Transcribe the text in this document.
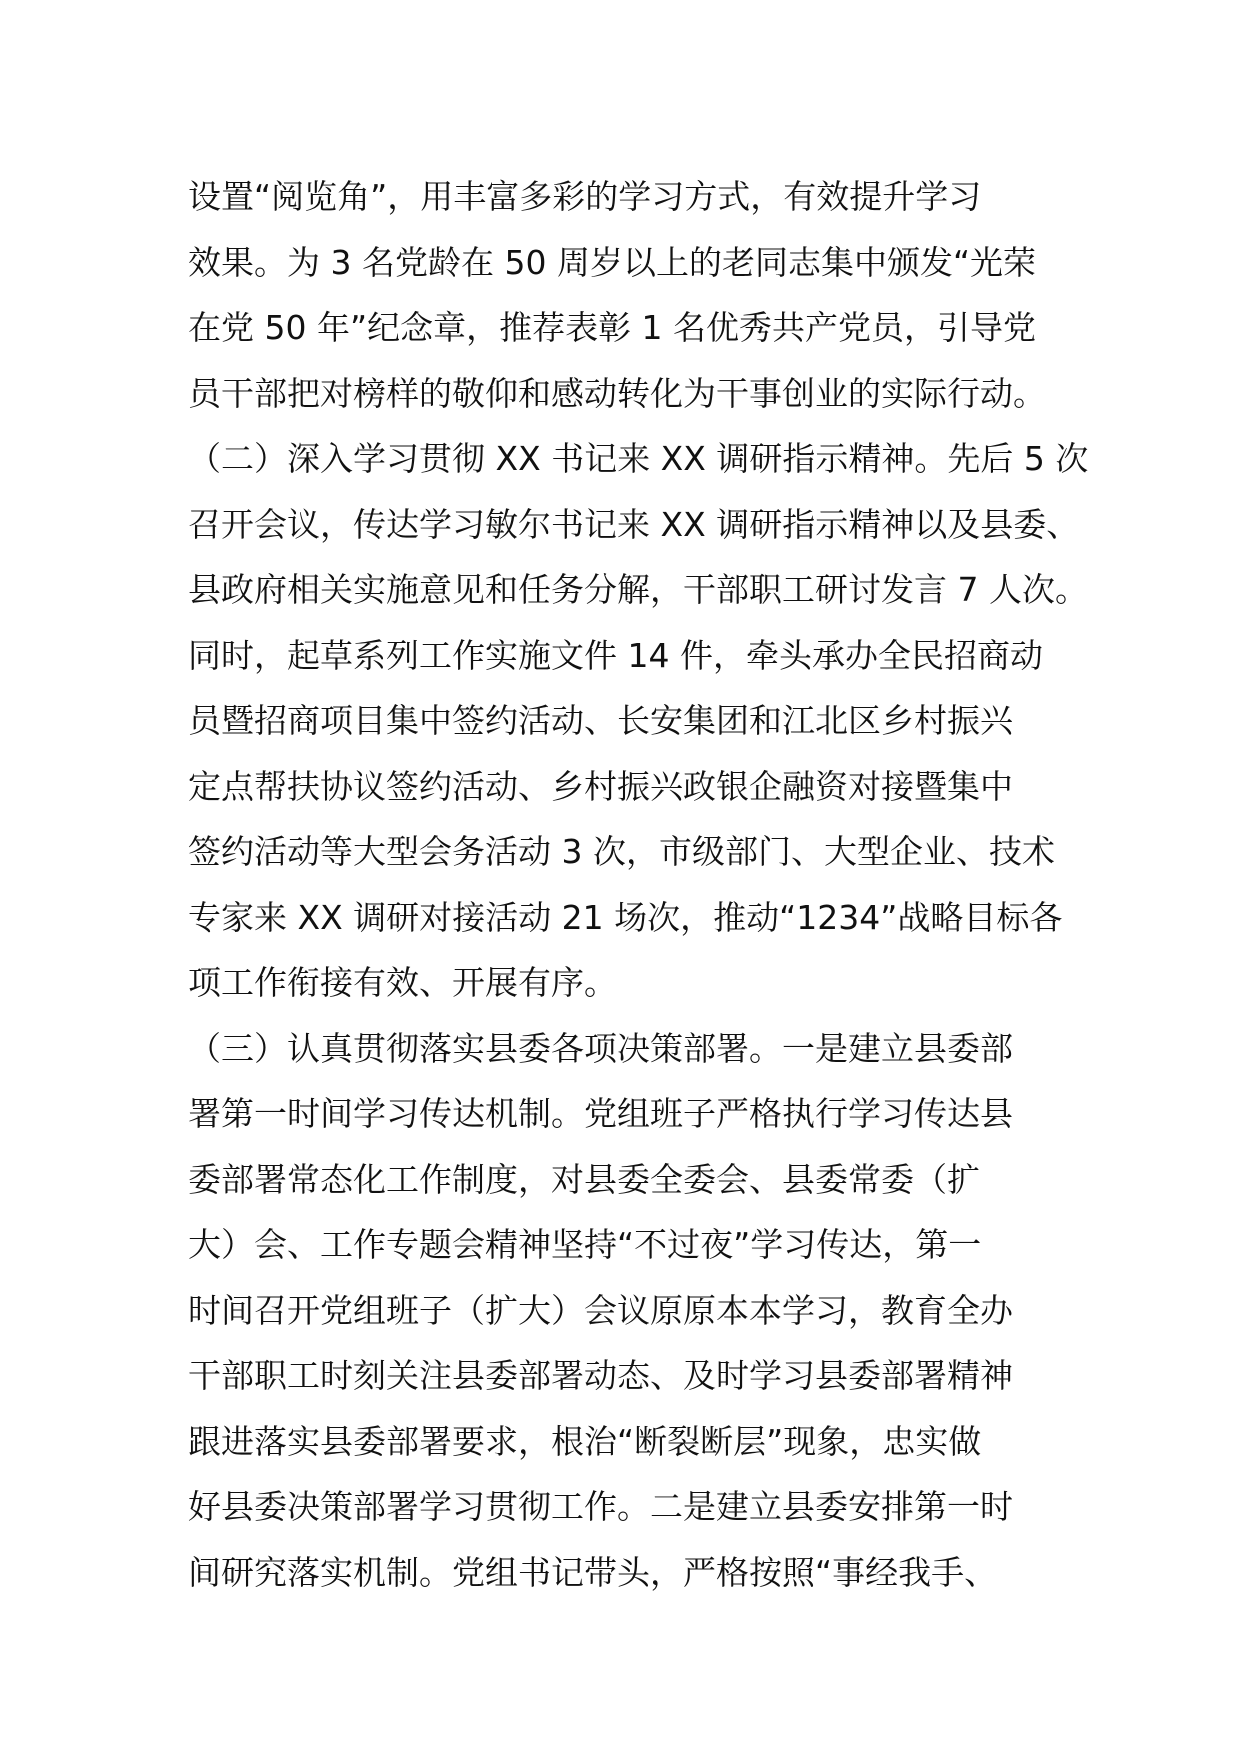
设置“阅览角”，用丰富多彩的学习方式，有效提升学习
效果。为 3 名党龄在 50 周岁以上的老同志集中颁发“光荣
在党 50 年”纪念章，推荐表彰 1 名优秀共产党员，引导党
员干部把对榜样的敬仰和感动转化为干事创业的实际行动。
（二）深入学习贯彻 XX 书记来 XX 调研指示精神。先后 5 次
召开会议，传达学习敏尔书记来 XX 调研指示精神以及县委、
县政府相关实施意见和任务分解，干部职工研讨发言 7 人次。
同时，起草系列工作实施文件 14 件，牵头承办全民招商动
员暨招商项目集中签约活动、长安集团和江北区乡村振兴
定点帮扶协议签约活动、乡村振兴政银企融资对接暨集中
签约活动等大型会务活动 3 次，市级部门、大型企业、技术
专家来 XX 调研对接活动 21 场次，推动“1234”战略目标各
项工作衔接有效、开展有序。
（三）认真贯彻落实县委各项决策部署。一是建立县委部
署第一时间学习传达机制。党组班子严格执行学习传达县
委部署常态化工作制度，对县委全委会、县委常委（扩
大）会、工作专题会精神坚持“不过夜”学习传达，第一
时间召开党组班子（扩大）会议原原本本学习，教育全办
干部职工时刻关注县委部署动态、及时学习县委部署精神
跟进落实县委部署要求，根治“断裂断层”现象，忠实做
好县委决策部署学习贯彻工作。二是建立县委安排第一时
间研究落实机制。党组书记带头，严格按照“事经我手、
